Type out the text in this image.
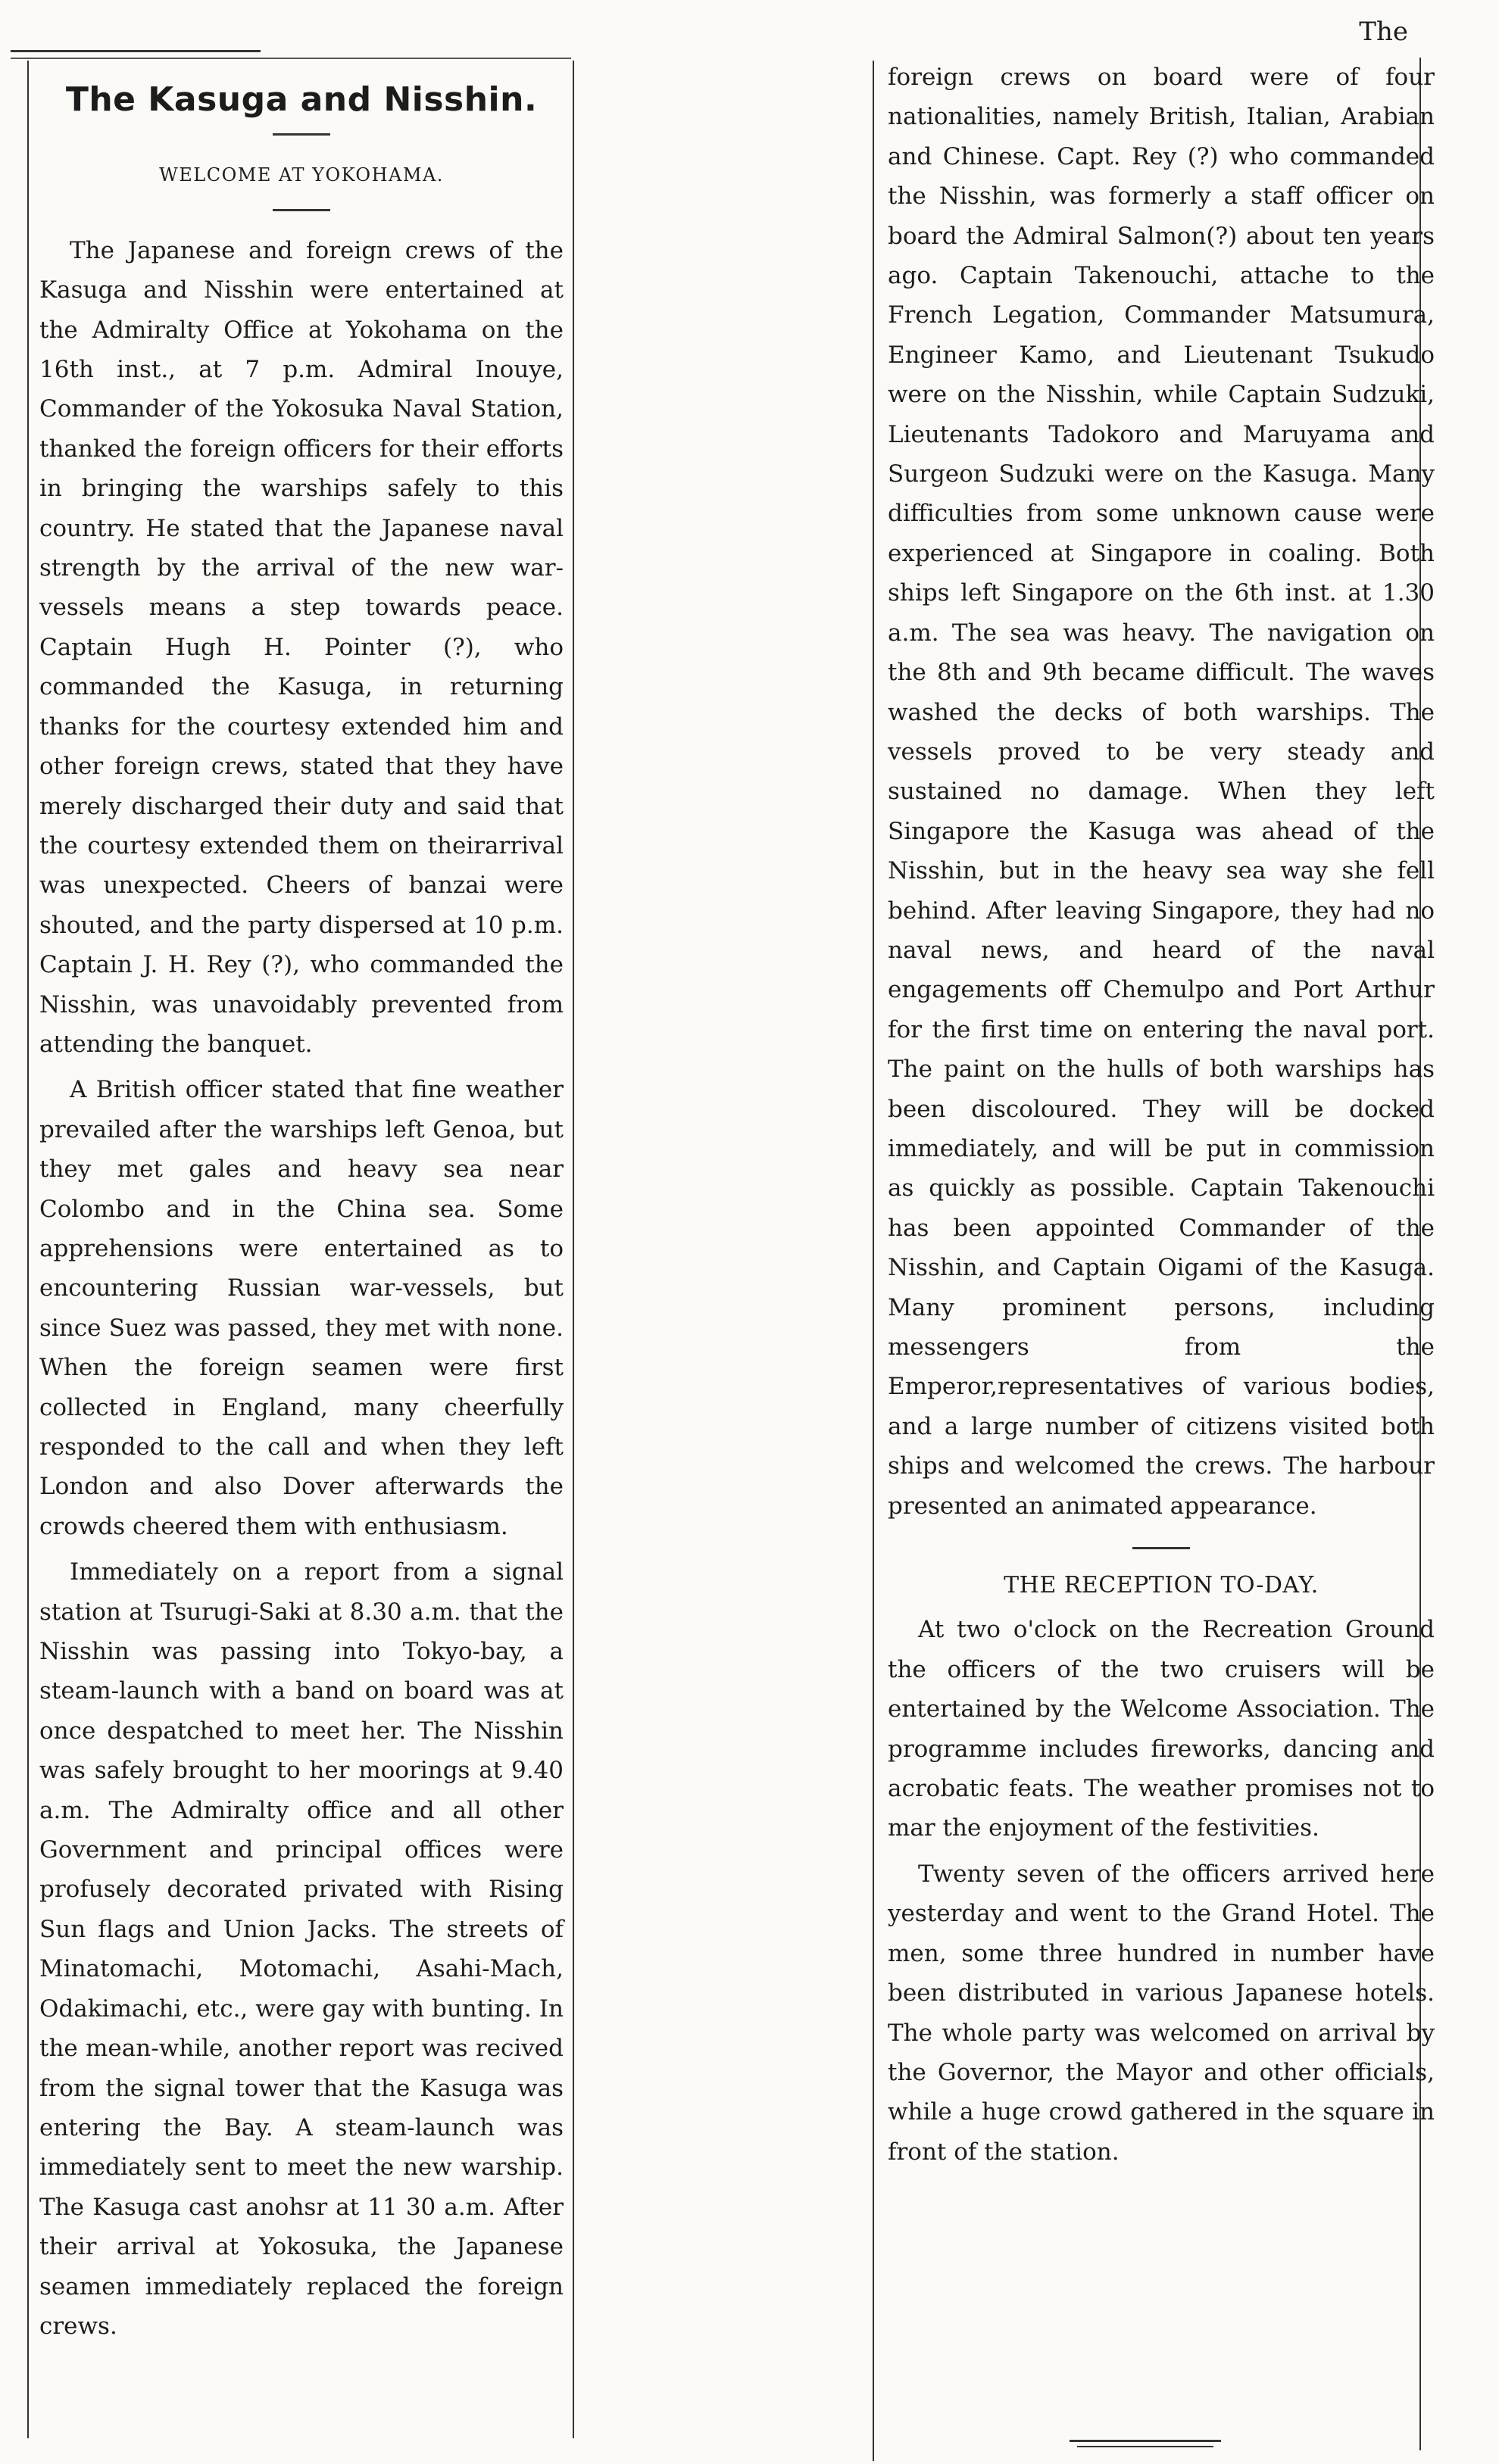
The
The Kasuga and Nisshin.
WELCOME AT YOKOHAMA.

The Japanese and foreign crews of the Kasuga and Nisshin were entertained at the Admiralty Office at Yokohama on the 16th inst., at 7 p.m. Admiral Inouye, Commander of the Yokosuka Naval Station, thanked the foreign officers for their efforts in bringing the warships safely to this country. He stated that the Japanese naval strength by the arrival of the new war-vessels means a step towards peace. Captain Hugh H. Pointer (?), who commanded the Kasuga, in returning thanks for the courtesy extended him and other foreign crews, stated that they have merely discharged their duty and said that the courtesy extended them on theirarrival was unexpected. Cheers of banzai were shouted, and the party dispersed at 10 p.m. Captain J. H. Rey (?), who commanded the Nisshin, was unavoidably prevented from attending the banquet.

A British officer stated that fine weather prevailed after the warships left Genoa, but they met gales and heavy sea near Colombo and in the China sea. Some apprehensions were entertained as to encountering Russian war-vessels, but since Suez was passed, they met with none. When the foreign seamen were first collected in England, many cheerfully responded to the call and when they left London and also Dover afterwards the crowds cheered them with enthusiasm.

Immediately on a report from a signal station at Tsurugi-Saki at 8.30 a.m. that the Nisshin was passing into Tokyo-bay, a steam-launch with a band on board was at once despatched to meet her. The Nisshin was safely brought to her moorings at 9.40 a.m. The Admiralty office and all other Government and principal offices were profusely decorated privated with Rising Sun flags and Union Jacks. The streets of Minatomachi, Motomachi, Asahi-Mach, Odakimachi, etc., were gay with bunting. In the mean-while, another report was recived from the signal tower that the Kasuga was entering the Bay. A steam-launch was immediately sent to meet the new warship. The Kasuga cast anohsr at 11 30 a.m. After their arrival at Yokosuka, the Japanese seamen immediately replaced the foreign crews.

foreign crews on board were of four nationalities, namely British, Italian, Arabian and Chinese. Capt. Rey (?) who commanded the Nisshin, was formerly a staff officer on board the Admiral Salmon(?) about ten years ago. Captain Takenouchi, attache to the French Legation, Commander Matsumura, Engineer Kamo, and Lieutenant Tsukudo were on the Nisshin, while Captain Sudzuki, Lieutenants Tadokoro and Maruyama and Surgeon Sudzuki were on the Kasuga. Many difficulties from some unknown cause were experienced at Singapore in coaling. Both ships left Singapore on the 6th inst. at 1.30 a.m. The sea was heavy. The navigation on the 8th and 9th became difficult. The waves washed the decks of both warships. The vessels proved to be very steady and sustained no damage. When they left Singapore the Kasuga was ahead of the Nisshin, but in the heavy sea way she fell behind. After leaving Singapore, they had no naval news, and heard of the naval engagements off Chemulpo and Port Arthur for the first time on entering the naval port. The paint on the hulls of both warships has been discoloured. They will be docked immediately, and will be put in commission as quickly as possible. Captain Takenouchi has been appointed Commander of the Nisshin, and Captain Oigami of the Kasuga. Many prominent persons, including messengers from the Emperor,representatives of various bodies, and a large number of citizens visited both ships and welcomed the crews. The harbour presented an animated appearance.

THE RECEPTION TO-DAY.

At two o'clock on the Recreation Ground the officers of the two cruisers will be entertained by the Welcome Association. The programme includes fireworks, dancing and acrobatic feats. The weather promises not to mar the enjoyment of the festivities.

Twenty seven of the officers arrived here yesterday and went to the Grand Hotel. The men, some three hundred in number have been distributed in various Japanese hotels. The whole party was welcomed on arrival by the Governor, the Mayor and other officials, while a huge crowd gathered in the square in front of the station.
